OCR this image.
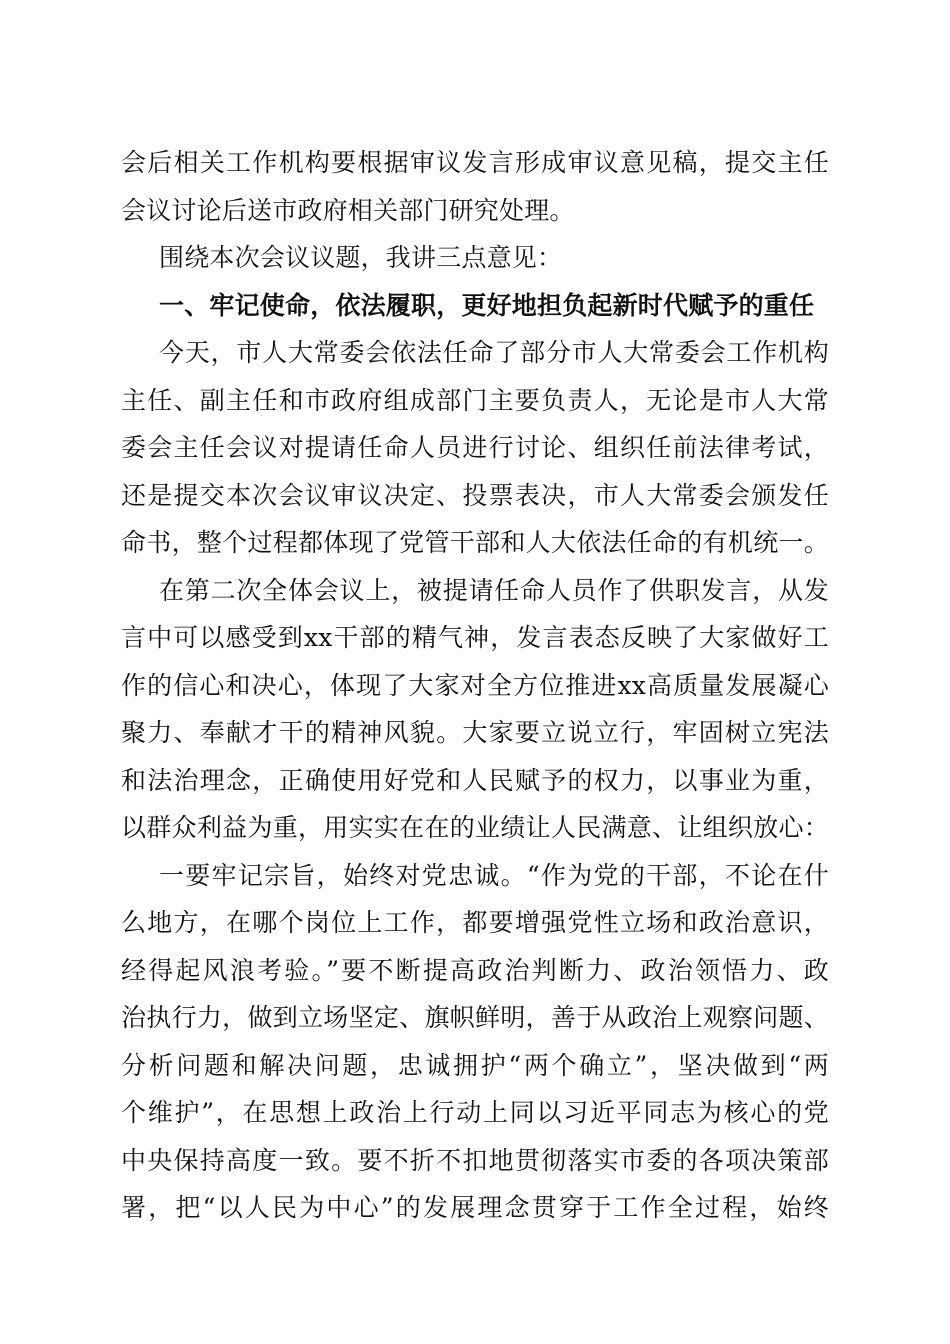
会后相关工作机构要根据审议发言形成审议意见稿，提交主任
会议讨论后送市政府相关部门研究处理。
围绕本次会议议题，我讲三点意见：
一、牢记使命，依法履职，更好地担负起新时代赋予的重任
今天，市人大常委会依法任命了部分市人大常委会工作机构
主任、副主任和市政府组成部门主要负责人，无论是市人大常
委会主任会议对提请任命人员进行讨论、组织任前法律考试，
还是提交本次会议审议决定、投票表决，市人大常委会颁发任
命书，整个过程都体现了党管干部和人大依法任命的有机统一。
在第二次全体会议上，被提请任命人员作了供职发言，从发
言中可以感受到xx干部的精气神，发言表态反映了大家做好工
作的信心和决心，体现了大家对全方位推进xx高质量发展凝心
聚力、奉献才干的精神风貌。大家要立说立行，牢固树立宪法
和法治理念，正确使用好党和人民赋予的权力，以事业为重，
以群众利益为重，用实实在在的业绩让人民满意、让组织放心：
一要牢记宗旨，始终对党忠诚。“作为党的干部，不论在什
么地方，在哪个岗位上工作，都要增强党性立场和政治意识，
经得起风浪考验。”要不断提高政治判断力、政治领悟力、政
治执行力，做到立场坚定、旗帜鲜明，善于从政治上观察问题、
分析问题和解决问题，忠诚拥护“两个确立”，坚决做到“两
个维护”，在思想上政治上行动上同以习近平同志为核心的党
中央保持高度一致。要不折不扣地贯彻落实市委的各项决策部
署，把“以人民为中心”的发展理念贯穿于工作全过程，始终
